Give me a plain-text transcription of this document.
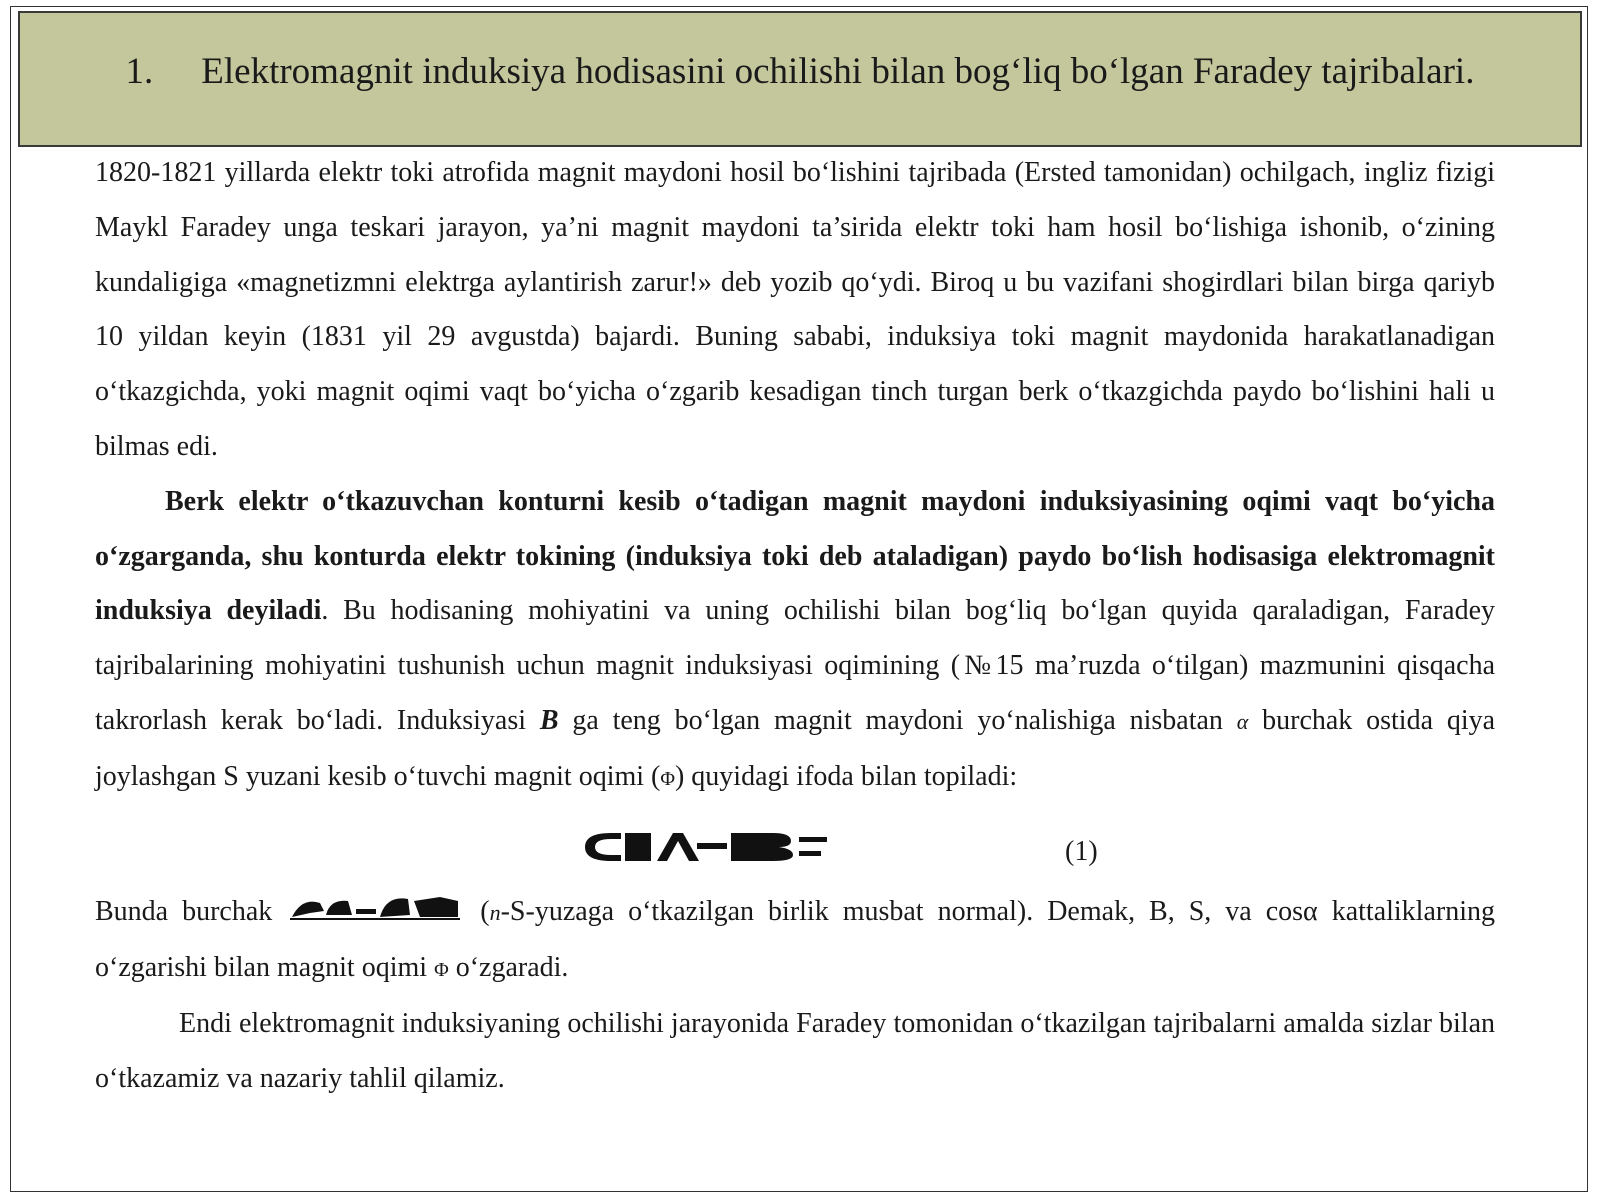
1. Elektromagnit induksiya hodisasini ochilishi bilan bog‘liq bo‘lgan Faradey tajribalari.

1820-1821 yillarda elektr toki atrofida magnit maydoni hosil bo‘lishini tajribada (Ersted tamonidan) ochilgach, ingliz fizigi Maykl Faradey unga teskari jarayon, ya’ni magnit maydoni ta’sirida elektr toki ham hosil bo‘lishiga ishonib, o‘zining kundaligiga «magnetizmni elektrga aylantirish zarur!» deb yozib qo‘ydi. Biroq u bu vazifani shogirdlari bilan birga qariyb 10 yildan keyin (1831 yil 29 avgustda) bajardi. Buning sababi, induksiya toki magnit maydonida harakatlanadigan o‘tkazgichda, yoki magnit oqimi vaqt bo‘yicha o‘zgarib kesadigan tinch turgan berk o‘tkazgichda paydo bo‘lishini hali u bilmas edi.

Berk elektr o‘tkazuvchan konturni kesib o‘tadigan magnit maydoni induksiyasining oqimi vaqt bo‘yicha o‘zgarganda, shu konturda elektr tokining (induksiya toki deb ataladigan) paydo bo‘lish hodisasiga elektromagnit induksiya deyiladi. Bu hodisaning mohiyatini va uning ochilishi bilan bog‘liq bo‘lgan quyida qaraladigan, Faradey tajribalarining mohiyatini tushunish uchun magnit induksiyasi oqimining (№15 ma’ruzda o‘tilgan) mazmunini qisqacha takrorlash kerak bo‘ladi. Induksiyasi B ga teng bo‘lgan magnit maydoni yo‘nalishiga nisbatan α burchak ostida qiya joylashgan S yuzani kesib o‘tuvchi magnit oqimi (Φ) quyidagi ifoda bilan topiladi:

(1)

Bunda burchak	(n-S-yuzaga o‘tkazilgan birlik musbat normal). Demak, B, S, va cosα kattaliklarning o‘zgarishi bilan magnit oqimi Φ o‘zgaradi.

Endi elektromagnit induksiyaning ochilishi jarayonida Faradey tomonidan o‘tkazilgan tajribalarni amalda sizlar bilan o‘tkazamiz va nazariy tahlil qilamiz.
